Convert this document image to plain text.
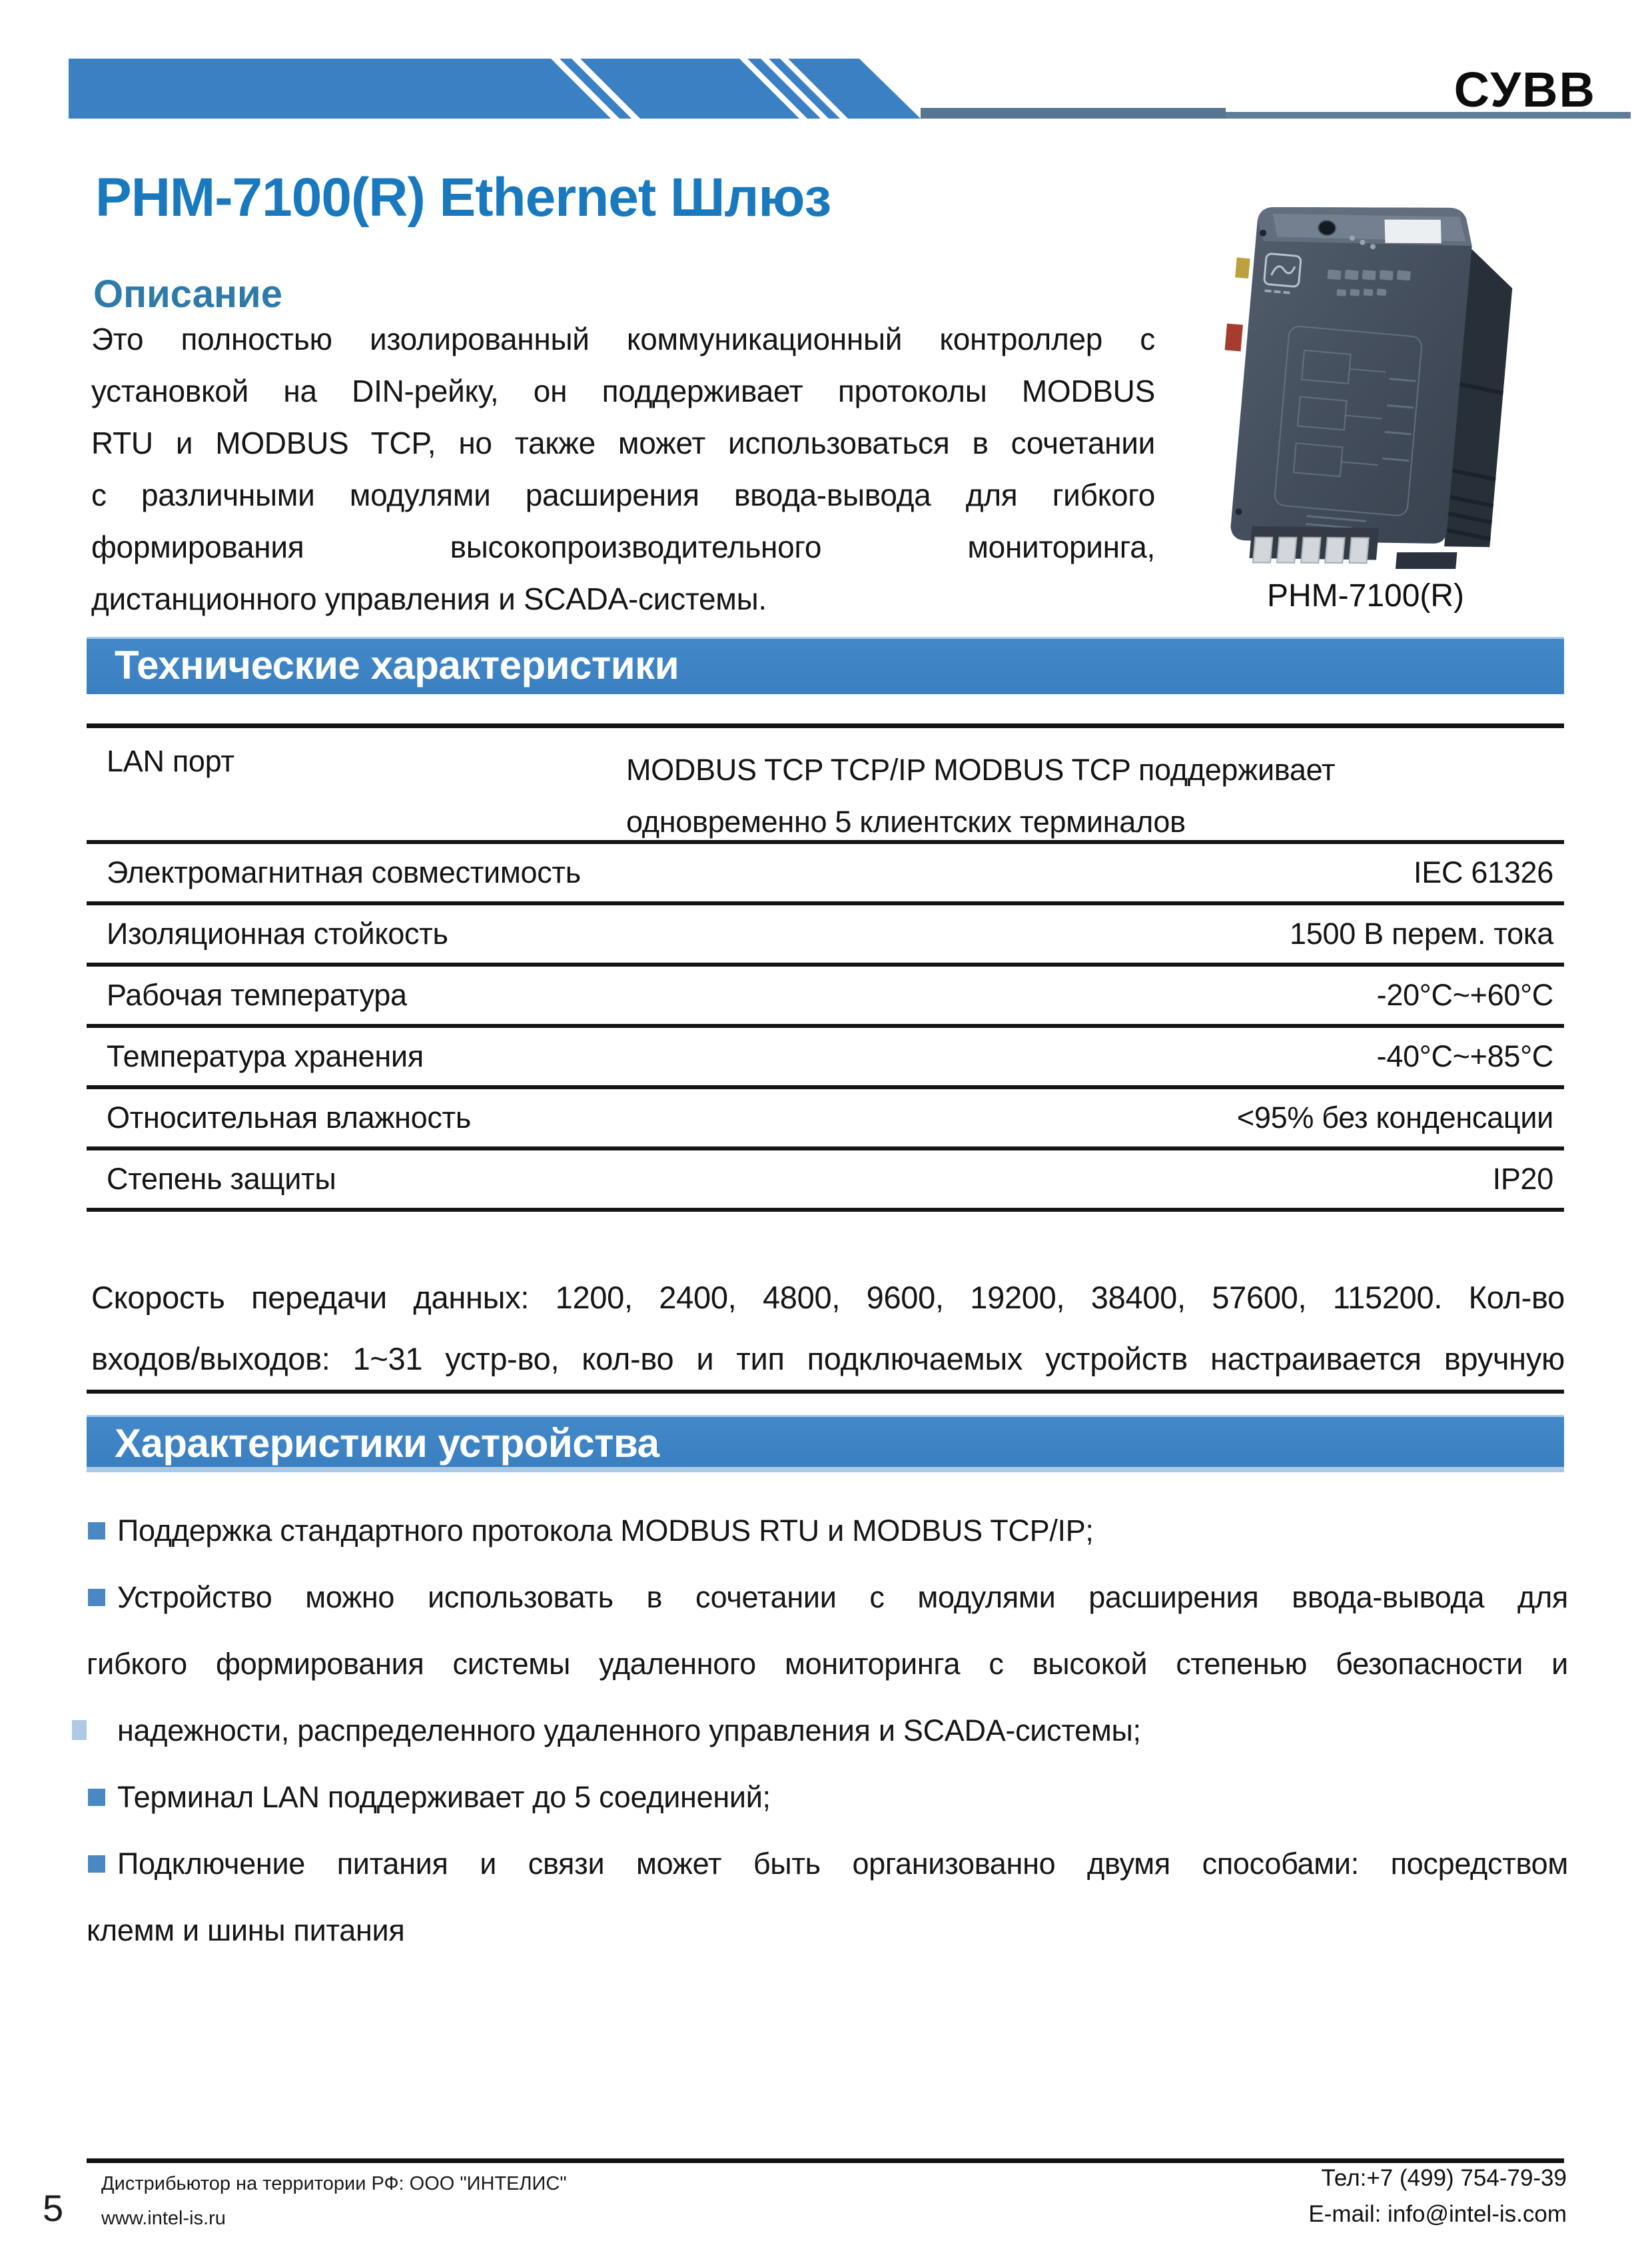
СУВВ
PHM-7100(R) Ethernet Шлюз
PHM-7100(R)
Описание
Это полностью изолированный коммуникационный контроллер с
установкой на DIN-рейку, он поддерживает протоколы MODBUS
RTU и MODBUS TCP, но также может использоваться в сочетании
с различными модулями расширения ввода-вывода для гибкого
формирования высокопроизводительного мониторинга,
дистанционного управления и SCADA-системы.
Технические характеристики
LAN порт	MODBUS TCP TCP/IP MODBUS TCP поддерживает
одновременно 5 клиентских терминалов
Электромагнитная совместимость	IEC 61326
Изоляционная стойкость	1500 В перем. тока
Рабочая температура	-20°C~+60°C
Температура хранения	-40°C~+85°C
Относительная влажность	<95% без конденсации
Степень защиты	IP20
Скорость передачи данных: 1200, 2400, 4800, 9600, 19200, 38400, 57600, 115200. Кол-во
входов/выходов: 1~31 устр-во, кол-во и тип подключаемых устройств настраивается вручную
Характеристики устройства
Поддержка стандартного протокола MODBUS RTU и MODBUS TCP/IP;
Устройство можно использовать в сочетании с модулями расширения ввода-вывода для
гибкого формирования системы удаленного мониторинга с высокой степенью безопасности и
надежности, распределенного удаленного управления и SCADA-системы;
Терминал LAN поддерживает до 5 соединений;
Подключение питания и связи может быть организованно двумя способами: посредством
клемм и шины питания
Дистрибьютор на территории РФ: ООО "ИНТЕЛИС"
www.intel-is.ru
5
Тел:+7 (499) 754-79-39
E-mail: info@intel-is.com
